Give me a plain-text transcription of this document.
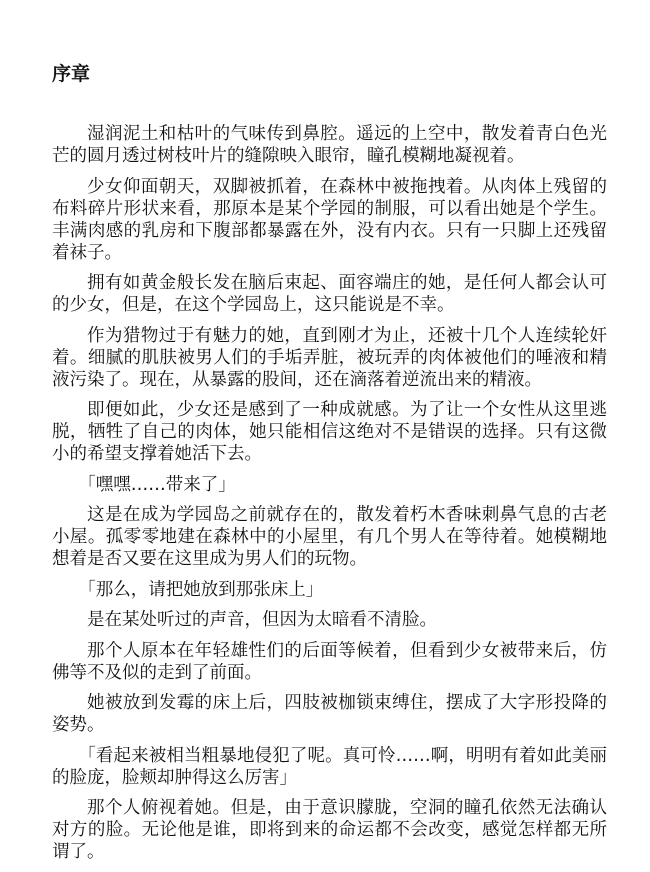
序章

湿润泥土和枯叶的气味传到鼻腔。遥远的上空中，散发着青白色光芒的圆月透过树枝叶片的缝隙映入眼帘，瞳孔模糊地凝视着。

少女仰面朝天，双脚被抓着，在森林中被拖拽着。从肉体上残留的布料碎片形状来看，那原本是某个学园的制服，可以看出她是个学生。丰满肉感的乳房和下腹部都暴露在外，没有内衣。只有一只脚上还残留着袜子。

拥有如黄金般长发在脑后束起、面容端庄的她，是任何人都会认可的少女，但是，在这个学园岛上，这只能说是不幸。

作为猎物过于有魅力的她，直到刚才为止，还被十几个人连续轮奸着。细腻的肌肤被男人们的手垢弄脏，被玩弄的肉体被他们的唾液和精液污染了。现在，从暴露的股间，还在滴落着逆流出来的精液。

即便如此，少女还是感到了一种成就感。为了让一个女性从这里逃脱，牺牲了自己的肉体，她只能相信这绝对不是错误的选择。只有这微小的希望支撑着她活下去。

「嘿嘿……带来了」

这是在成为学园岛之前就存在的，散发着朽木香味刺鼻气息的古老小屋。孤零零地建在森林中的小屋里，有几个男人在等待着。她模糊地想着是否又要在这里成为男人们的玩物。

「那么，请把她放到那张床上」

是在某处听过的声音，但因为太暗看不清脸。

那个人原本在年轻雄性们的后面等候着，但看到少女被带来后，仿佛等不及似的走到了前面。

她被放到发霉的床上后，四肢被枷锁束缚住，摆成了大字形投降的姿势。

「看起来被相当粗暴地侵犯了呢。真可怜……啊，明明有着如此美丽的脸庞，脸颊却肿得这么厉害」

那个人俯视着她。但是，由于意识朦胧，空洞的瞳孔依然无法确认对方的脸。无论他是谁，即将到来的命运都不会改变，感觉怎样都无所谓了。
